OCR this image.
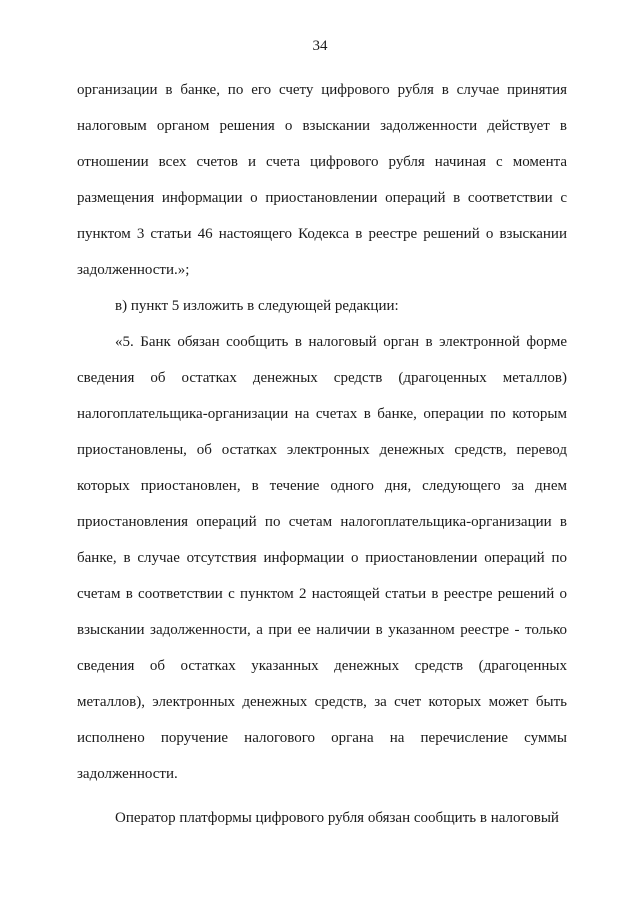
34

организации в банке, по его счету цифрового рубля в случае принятия налоговым органом решения о взыскании задолженности действует в отношении всех счетов и счета цифрового рубля начиная с момента размещения информации о приостановлении операций в соответствии с пунктом 3 статьи 46 настоящего Кодекса в реестре решений о взыскании задолженности.»;

в) пункт 5 изложить в следующей редакции:

«5. Банк обязан сообщить в налоговый орган в электронной форме сведения об остатках денежных средств (драгоценных металлов) налогоплательщика-организации на счетах в банке, операции по которым приостановлены, об остатках электронных денежных средств, перевод которых приостановлен, в течение одного дня, следующего за днем приостановления операций по счетам налогоплательщика-организации в банке, в случае отсутствия информации о приостановлении операций по счетам в соответствии с пунктом 2 настоящей статьи в реестре решений о взыскании задолженности, а при ее наличии в указанном реестре - только сведения об остатках указанных денежных средств (драгоценных металлов), электронных денежных средств, за счет которых может быть исполнено поручение налогового органа на перечисление суммы задолженности.

Оператор платформы цифрового рубля обязан сообщить в налоговый
